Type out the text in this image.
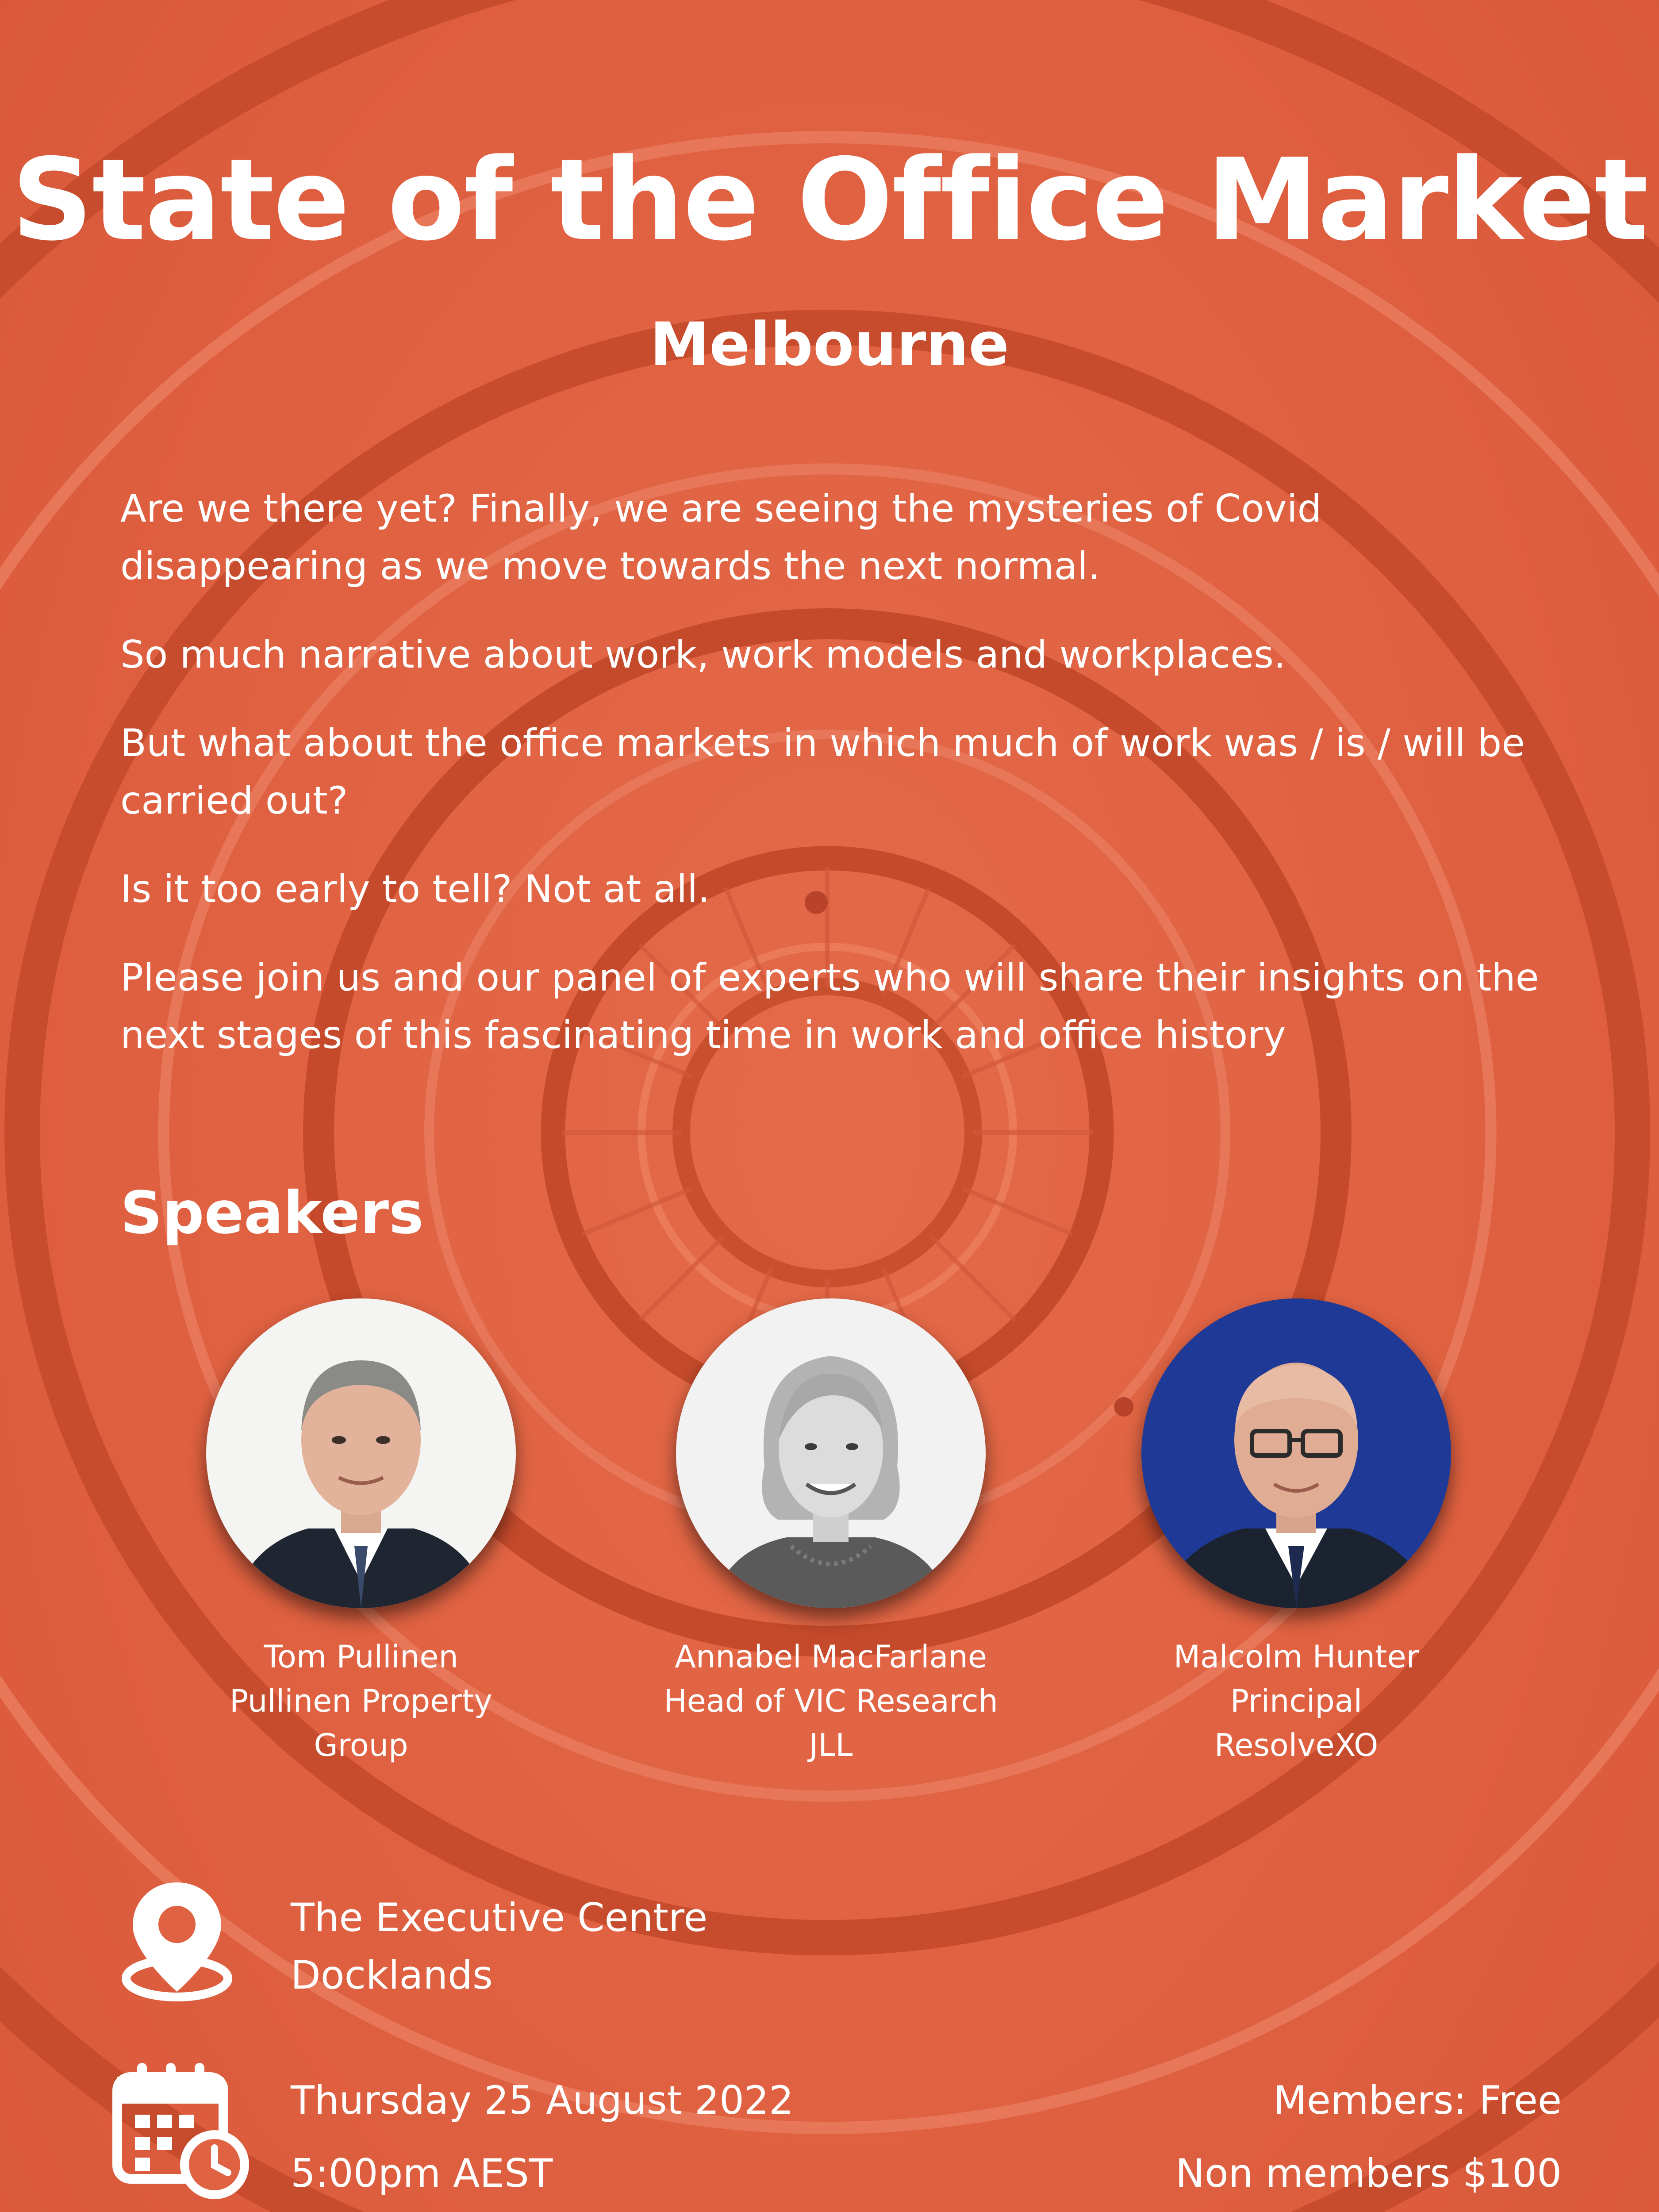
State of the Office Market
Melbourne

Are we there yet? Finally, we are seeing the mysteries of Covid disappearing as we move towards the next normal.

So much narrative about work, work models and workplaces.

But what about the office markets in which much of work was / is / will be carried out?

Is it too early to tell? Not at all.

Please join us and our panel of experts who will share their insights on the next stages of this fascinating time in work and office history

Speakers
Tom Pullinen
Pullinen Property
Group
Annabel MacFarlane
Head of VIC Research
JLL
Malcolm Hunter
Principal
ResolveXO
The Executive Centre
Docklands
Thursday 25 August 2022
5:00pm AEST
Members: Free
Non members $100
